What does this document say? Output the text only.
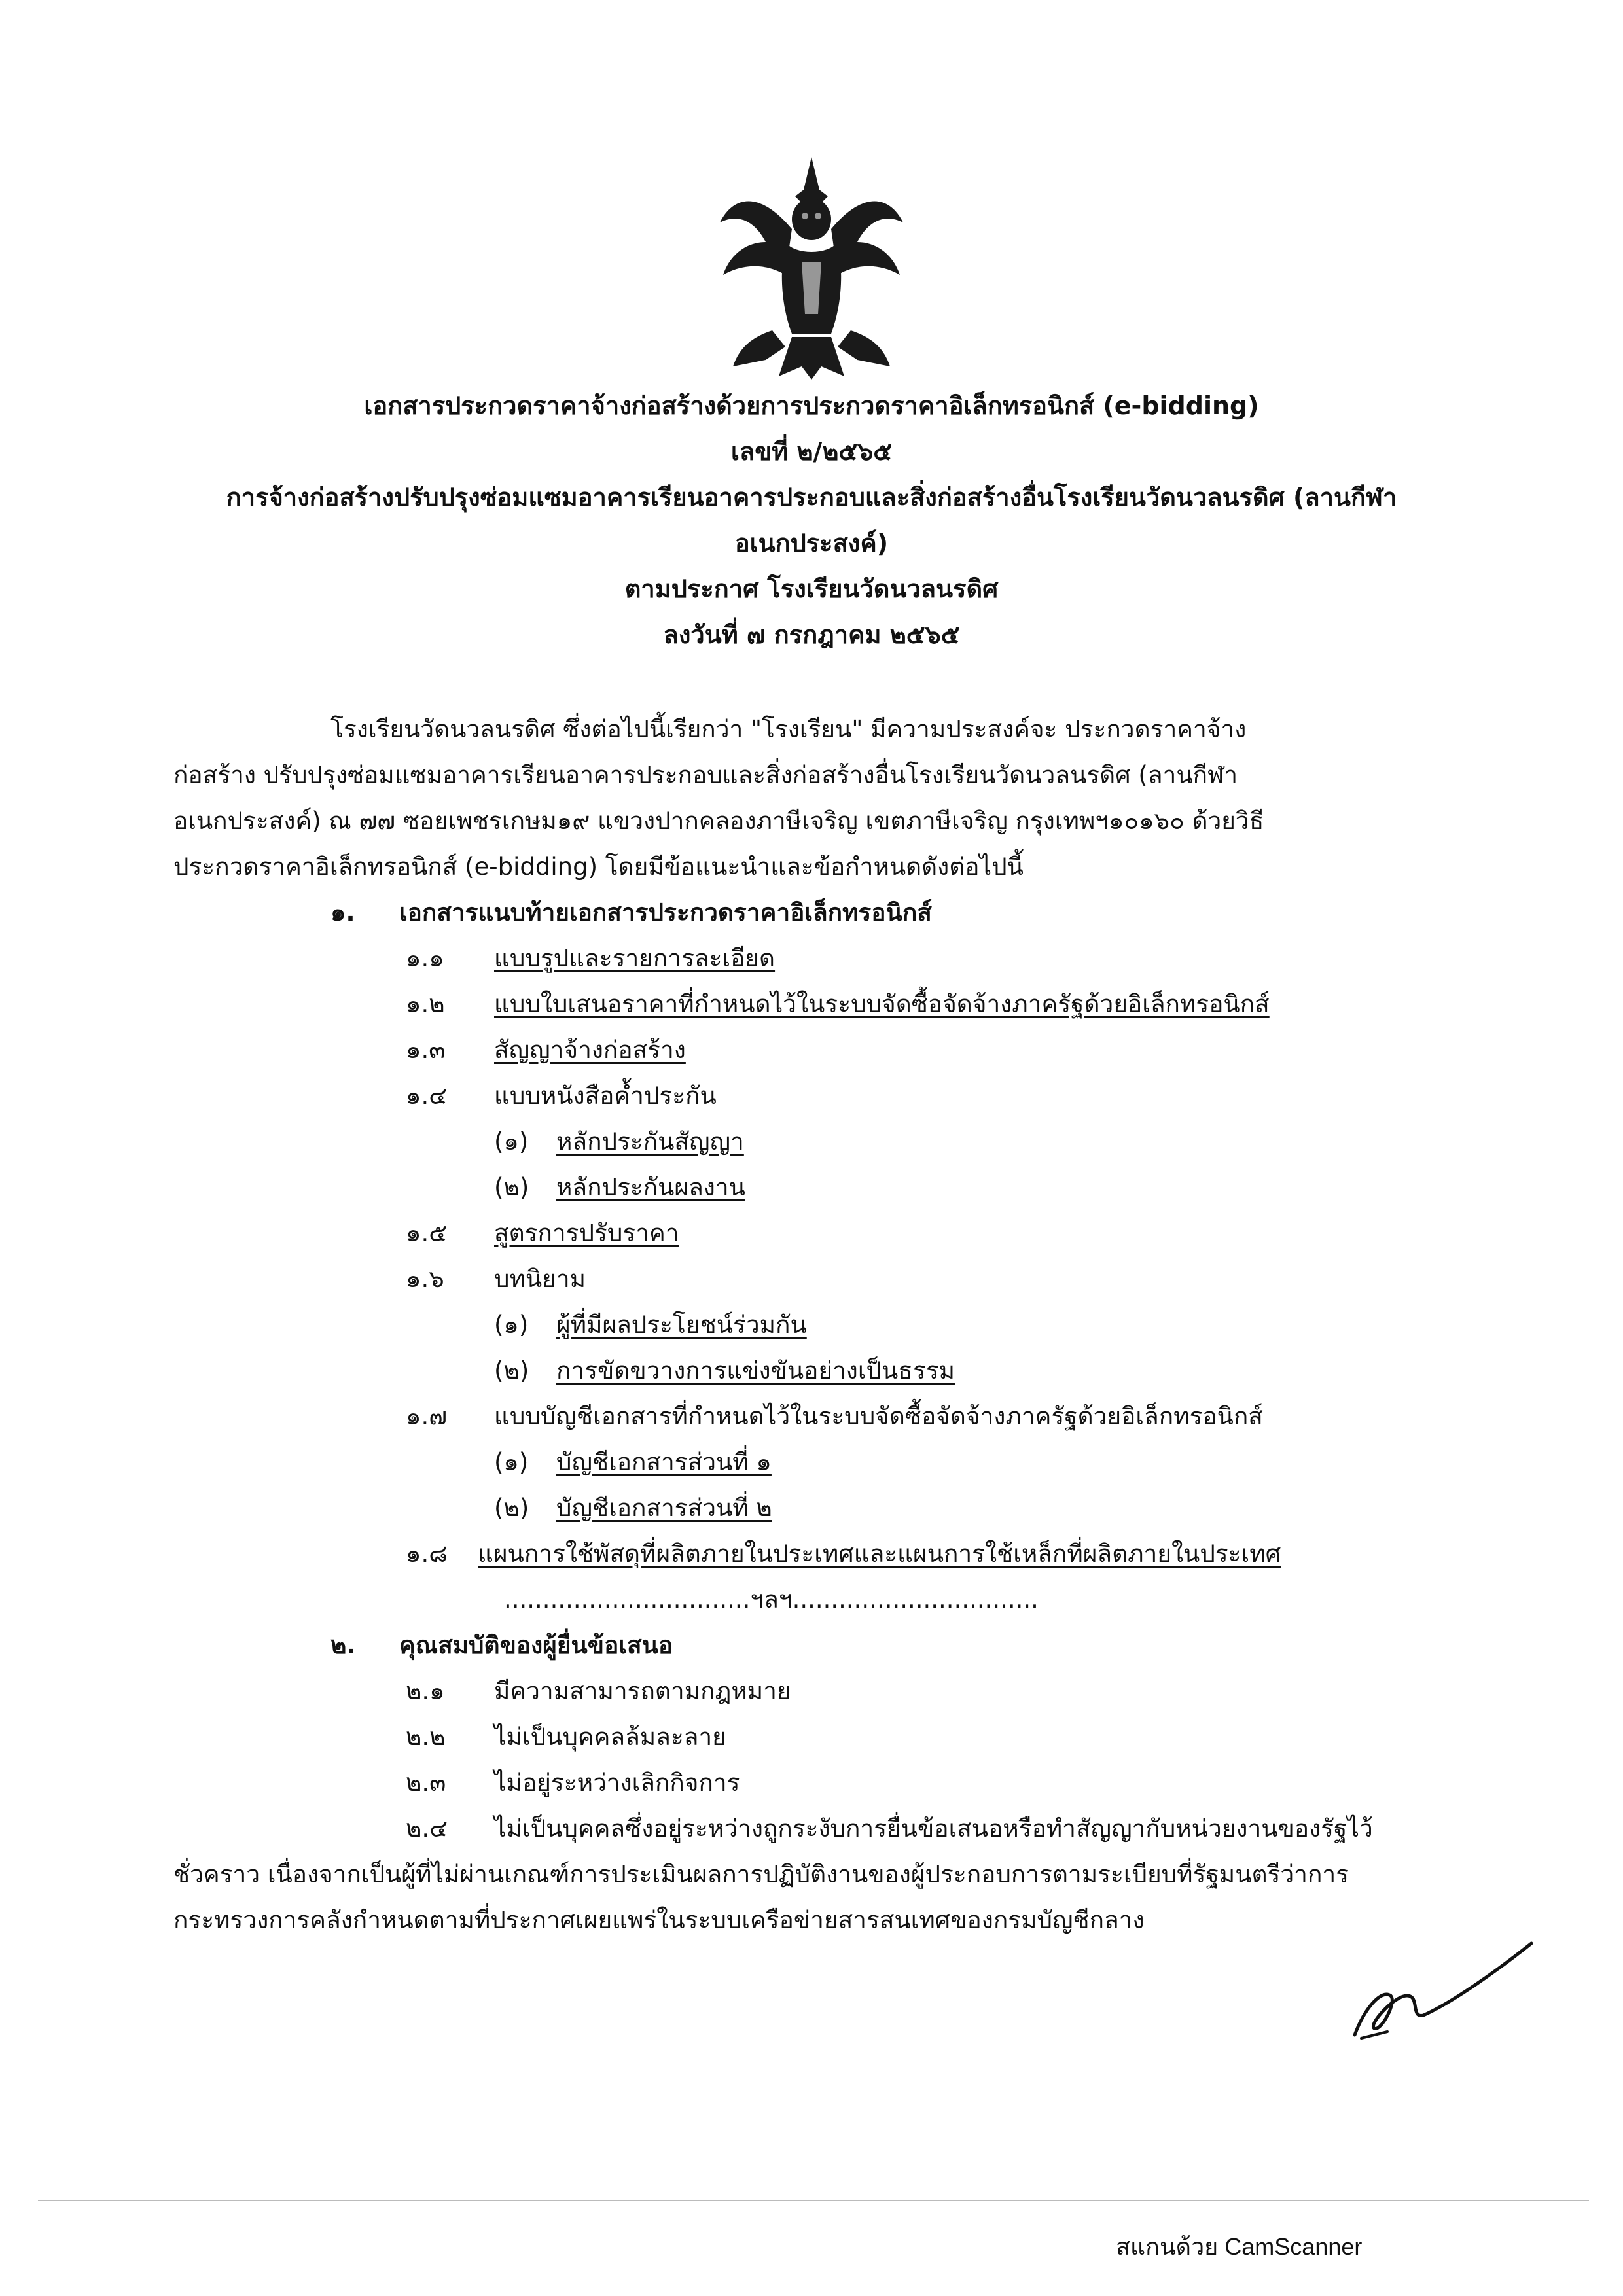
เอกสารประกวดราคาจ้างก่อสร้างด้วยการประกวดราคาอิเล็กทรอนิกส์ (e-bidding)
เลขที่ ๒/๒๕๖๕
การจ้างก่อสร้างปรับปรุงซ่อมแซมอาคารเรียนอาคารประกอบและสิ่งก่อสร้างอื่นโรงเรียนวัดนวลนรดิศ (ลานกีฬา
อเนกประสงค์)
ตามประกาศ โรงเรียนวัดนวลนรดิศ
ลงวันที่ ๗ กรกฎาคม ๒๕๖๕
โรงเรียนวัดนวลนรดิศ ซึ่งต่อไปนี้เรียกว่า "โรงเรียน" มีความประสงค์จะ ประกวดราคาจ้าง
ก่อสร้าง ปรับปรุงซ่อมแซมอาคารเรียนอาคารประกอบและสิ่งก่อสร้างอื่นโรงเรียนวัดนวลนรดิศ (ลานกีฬา
อเนกประสงค์) ณ ๗๗ ซอยเพชรเกษม๑๙ แขวงปากคลองภาษีเจริญ เขตภาษีเจริญ กรุงเทพฯ๑๐๑๖๐ ด้วยวิธี
ประกวดราคาอิเล็กทรอนิกส์ (e-bidding) โดยมีข้อแนะนำและข้อกำหนดดังต่อไปนี้
๑. เอกสารแนบท้ายเอกสารประกวดราคาอิเล็กทรอนิกส์
๑.๑ แบบรูปและรายการละเอียด
๑.๒ แบบใบเสนอราคาที่กำหนดไว้ในระบบจัดซื้อจัดจ้างภาครัฐด้วยอิเล็กทรอนิกส์
๑.๓ สัญญาจ้างก่อสร้าง
๑.๔ แบบหนังสือค้ำประกัน
(๑) หลักประกันสัญญา
(๒) หลักประกันผลงาน
๑.๕ สูตรการปรับราคา
๑.๖ บทนิยาม
(๑) ผู้ที่มีผลประโยชน์ร่วมกัน
(๒) การขัดขวางการแข่งขันอย่างเป็นธรรม
๑.๗ แบบบัญชีเอกสารที่กำหนดไว้ในระบบจัดซื้อจัดจ้างภาครัฐด้วยอิเล็กทรอนิกส์
(๑) บัญชีเอกสารส่วนที่ ๑
(๒) บัญชีเอกสารส่วนที่ ๒
๑.๘ แผนการใช้พัสดุที่ผลิตภายในประเทศและแผนการใช้เหล็กที่ผลิตภายในประเทศ
................................ฯลฯ................................
๒. คุณสมบัติของผู้ยื่นข้อเสนอ
๒.๑ มีความสามารถตามกฎหมาย
๒.๒ ไม่เป็นบุคคลล้มละลาย
๒.๓ ไม่อยู่ระหว่างเลิกกิจการ
๒.๔ ไม่เป็นบุคคลซึ่งอยู่ระหว่างถูกระงับการยื่นข้อเสนอหรือทำสัญญากับหน่วยงานของรัฐไว้
ชั่วคราว เนื่องจากเป็นผู้ที่ไม่ผ่านเกณฑ์การประเมินผลการปฏิบัติงานของผู้ประกอบการตามระเบียบที่รัฐมนตรีว่าการ
กระทรวงการคลังกำหนดตามที่ประกาศเผยแพร่ในระบบเครือข่ายสารสนเทศของกรมบัญชีกลาง
สแกนด้วย CamScanner
